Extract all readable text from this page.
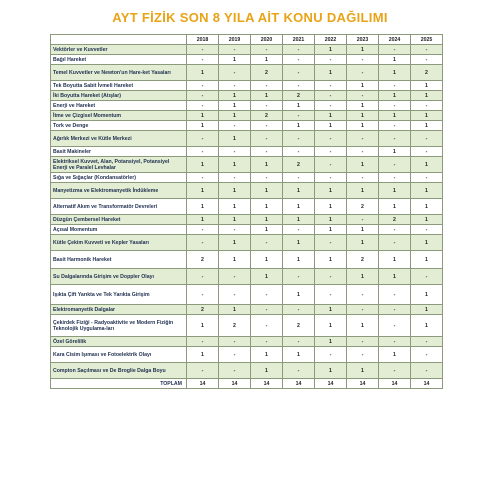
AYT FİZİK SON 8 YILA AİT KONU DAĞILIMI
	2018	2019	2020	2021	2022	2023	2024	2025
Vektörler ve Kuvvetler	-	-	-	-	1	1	-	-
Bağıl Hareket	-	1	1	-	-	-	1	-
Temel Kuvvetler ve Newton'un Hare-ket Yasaları	1	-	2	-	1	-	1	2
Tek Boyutta Sabit İvmeli Hareket	-	-	-	-	-	1	-	1
İki Boyutta Hareket (Atışlar)	-	1	1	2	-	-	1	1
Enerji ve Hareket	-	1	-	1	-	1	-	-
İtme ve Çizgisel Momentum	1	1	2	-	1	1	1	1
Tork ve Denge	1	-	-	1	1	1	-	1
Ağırlık Merkezi ve Kütle Merkezi	-	1	-	-	-	-	-	-
Basit Makineler	-	-	-	-	-	-	1	-
Elektriksel Kuvvet, Alan, Potansiyel, Potansiyel Enerji ve Paralel Levhalar	1	1	1	2	-	1	-	1
Sığa ve Sığaçlar (Kondansatörler)	-	-	-	-	-	-	-	-
Manyetizma ve Elektromanyetik İndükleme	1	1	1	1	1	1	1	1
Alternatif Akım ve Transformatör Devreleri	1	1	1	1	1	2	1	1
Düzgün Çembersel Hareket	1	1	1	1	1	-	2	1
Açısal Momentum	-	-	1	-	1	1	-	-
Kütle Çekim Kuvveti ve Kepler Yasaları	-	1	-	1	-	1	-	1
Basit Harmonik Hareket	2	1	1	1	1	2	1	1
Su Dalgalarında Girişim ve Doppler Olayı	-	-	1	-	-	1	1	-
Işıkta Çift Yarıkta ve Tek Yarıkta Girişim	-	-	-	1	-	-	-	1
Elektromanyetik Dalgalar	2	1	-	-	1	-	-	1
Çekirdek Fiziği - Radyoaktivite ve Modern Fiziğin Teknolojik Uygulama-ları	1	2	-	2	1	1	-	1
Özel Görelilik	-	-	-	-	1	-	-	-
Kara Cisim Işıması ve Fotoelektrik Olayı	1	-	1	1	-	-	1	-
Compton Saçılması ve De Broglie Dalga Boyu	-	-	1	-	1	1	-	-
TOPLAM	14	14	14	14	14	14	14	14
